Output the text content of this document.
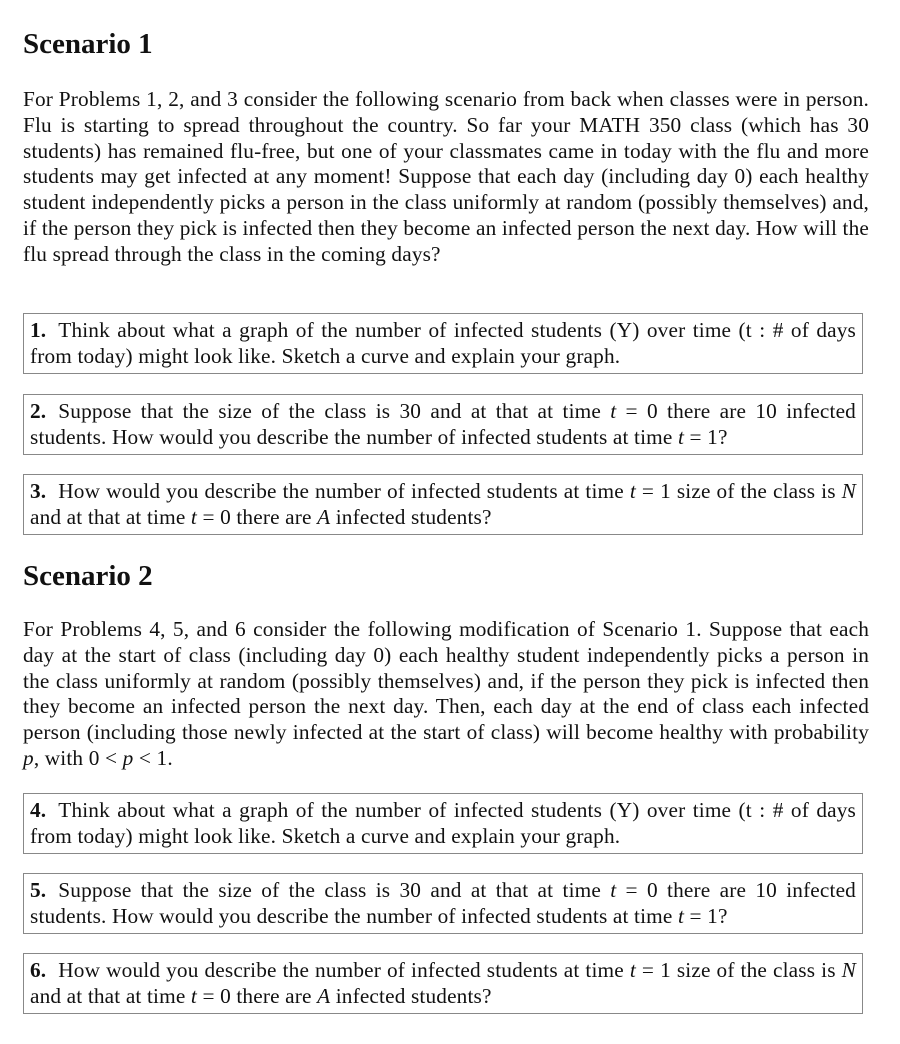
Scenario 1

For Problems 1, 2, and 3 consider the following scenario from back when classes were in person. Flu is starting to spread throughout the country. So far your MATH 350 class (which has 30 students) has remained flu-free, but one of your classmates came in today with the flu and more students may get infected at any moment! Suppose that each day (including day 0) each healthy student independently picks a person in the class uniformly at random (possibly themselves) and, if the person they pick is infected then they become an infected person the next day. How will the flu spread through the class in the coming days?

1. Think about what a graph of the number of infected students (Y) over time (t : # of days from today) might look like. Sketch a curve and explain your graph.
2. Suppose that the size of the class is 30 and at that at time t = 0 there are 10 infected students. How would you describe the number of infected students at time t = 1?
3. How would you describe the number of infected students at time t = 1 size of the class is N and at that at time t = 0 there are A infected students?
Scenario 2

For Problems 4, 5, and 6 consider the following modification of Scenario 1. Suppose that each day at the start of class (including day 0) each healthy student independently picks a person in the class uniformly at random (possibly themselves) and, if the person they pick is infected then they become an infected person the next day. Then, each day at the end of class each infected person (including those newly infected at the start of class) will become healthy with probability p, with 0 < p < 1.

4. Think about what a graph of the number of infected students (Y) over time (t : # of days from today) might look like. Sketch a curve and explain your graph.
5. Suppose that the size of the class is 30 and at that at time t = 0 there are 10 infected students. How would you describe the number of infected students at time t = 1?
6. How would you describe the number of infected students at time t = 1 size of the class is N and at that at time t = 0 there are A infected students?
